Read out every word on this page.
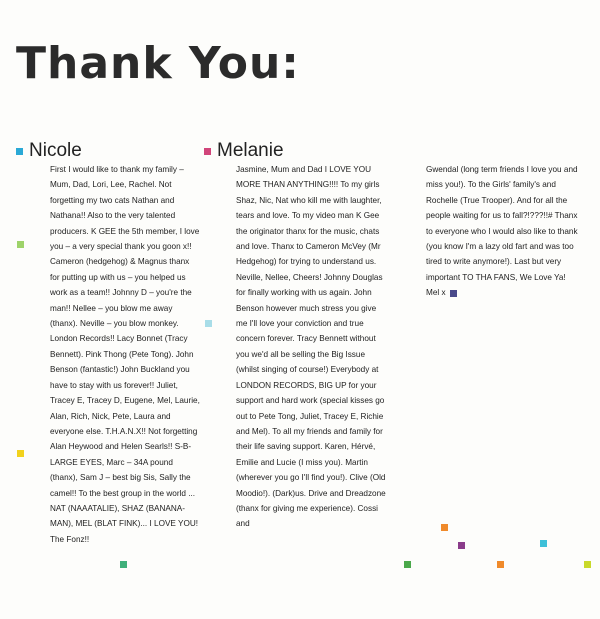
Thank You:
Nicole	Melanie
First I would like to thank my family – Mum, Dad, Lori, Lee, Rachel. Not forgetting my two cats Nathan and Nathana!! Also to the very talented producers. K GEE the 5th member, I love you – a very special thank you goon x!! Cameron (hedgehog) & Magnus thanx for putting up with us – you helped us work as a team!! Johnny D – you're the man!! Nellee – you blow me away (thanx). Neville – you blow monkey. London Records!! Lacy Bonnet (Tracy Bennett). Pink Thong (Pete Tong). John Benson (fantastic!) John Buckland you have to stay with us forever!! Juliet, Tracey E, Tracey D, Eugene, Mel, Laurie, Alan, Rich, Nick, Pete, Laura and everyone else. T.H.A.N.X!! Not forgetting Alan Heywood and Helen Searls!! S-B-LARGE EYES, Marc – 34A pound (thanx), Sam J – best big Sis, Sally the camel!! To the best group in the world ... NAT (NAAATALIE), SHAZ (BANANA-MAN), MEL (BLAT FINK)... I LOVE YOU! The Fonz!!
Jasmine, Mum and Dad I LOVE YOU MORE THAN ANYTHING!!!! To my girls Shaz, Nic, Nat who kill me with laughter, tears and love. To my video man K Gee the originator thanx for the music, chats and love. Thanx to Cameron McVey (Mr Hedgehog) for trying to understand us. Neville, Nellee, Cheers! Johnny Douglas for finally working with us again. John Benson however much stress you give me I'll love your conviction and true concern forever. Tracy Bennett without you we'd all be selling the Big Issue (whilst singing of course!) Everybody at LONDON RECORDS, BIG UP for your support and hard work (special kisses go out to Pete Tong, Juliet, Tracey E, Richie and Mel). To all my friends and family for their life saving support. Karen, Hérvé, Emilie and Lucie (I miss you). Martin (wherever you go I'll find you!). Clive (Old Moodio!). (Dark)us. Drive and Dreadzone (thanx for giving me experience). Cossi and
Gwendal (long term friends I love you and miss you!). To the Girls' family's and Rochelle (True Trooper). And for all the people waiting for us to fall?!???!!# Thanx to everyone who I would also like to thank (you know I'm a lazy old fart and was too tired to write anymore!). Last but very important TO THA FANS, We Love Ya! Mel x
